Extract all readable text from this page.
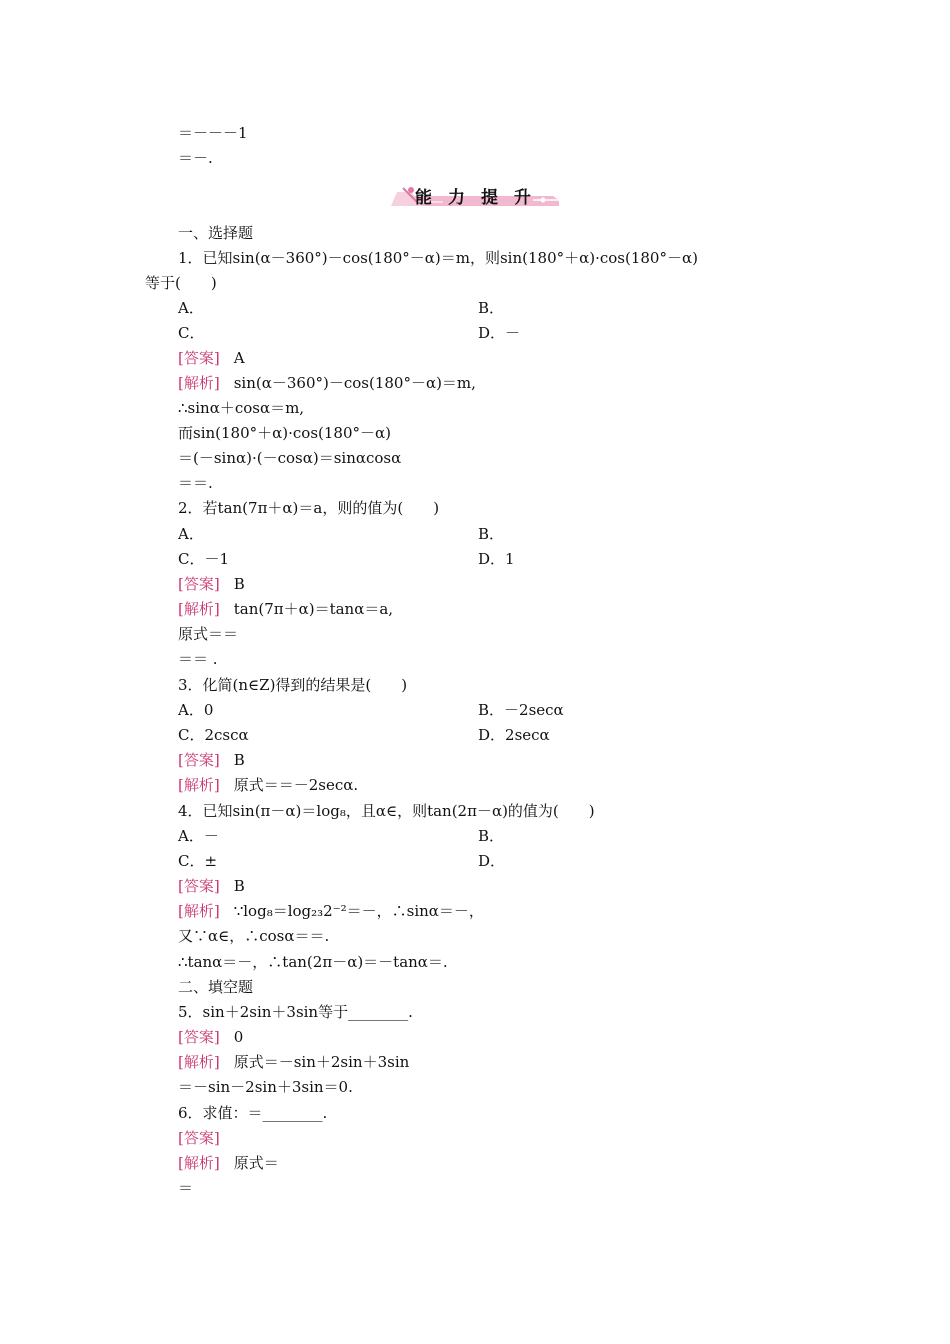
＝－－－1
＝－.
能力提升
一、选择题
1．已知sin(α－360°)－cos(180°－α)＝m，则sin(180°＋α)·cos(180°－α)
等于(　　)
A．	B．
C．	D．－
[答案] A
[解析] sin(α－360°)－cos(180°－α)＝m,
∴sinα＋cosα＝m,
而sin(180°＋α)·cos(180°－α)
＝(－sinα)·(－cosα)＝sinαcosα
＝＝.
2．若tan(7π＋α)＝a，则的值为(　　)
A．	B．
C．－1	D．1
[答案] B
[解析] tan(7π＋α)＝tanα＝a,
原式＝＝
＝＝ .
3．化简(n∈Z)得到的结果是(　　)
A．0	B．－2secα
C．2cscα	D．2secα
[答案] B
[解析] 原式＝＝－2secα.
4．已知sin(π－α)＝log₈，且α∈，则tan(2π－α)的值为(　　)
A．－	B．
C．±	D．
[答案] B
[解析] ∵log₈＝log₂₃2⁻²＝－，∴sinα＝－，
又∵α∈，∴cosα＝＝.
∴tanα＝－，∴tan(2π－α)＝－tanα＝.
二、填空题
5．sin＋2sin＋3sin等于________.
[答案] 0
[解析] 原式＝－sin＋2sin＋3sin
＝－sin－2sin＋3sin＝0.
6．求值：＝________.
[答案]
[解析] 原式＝
＝
